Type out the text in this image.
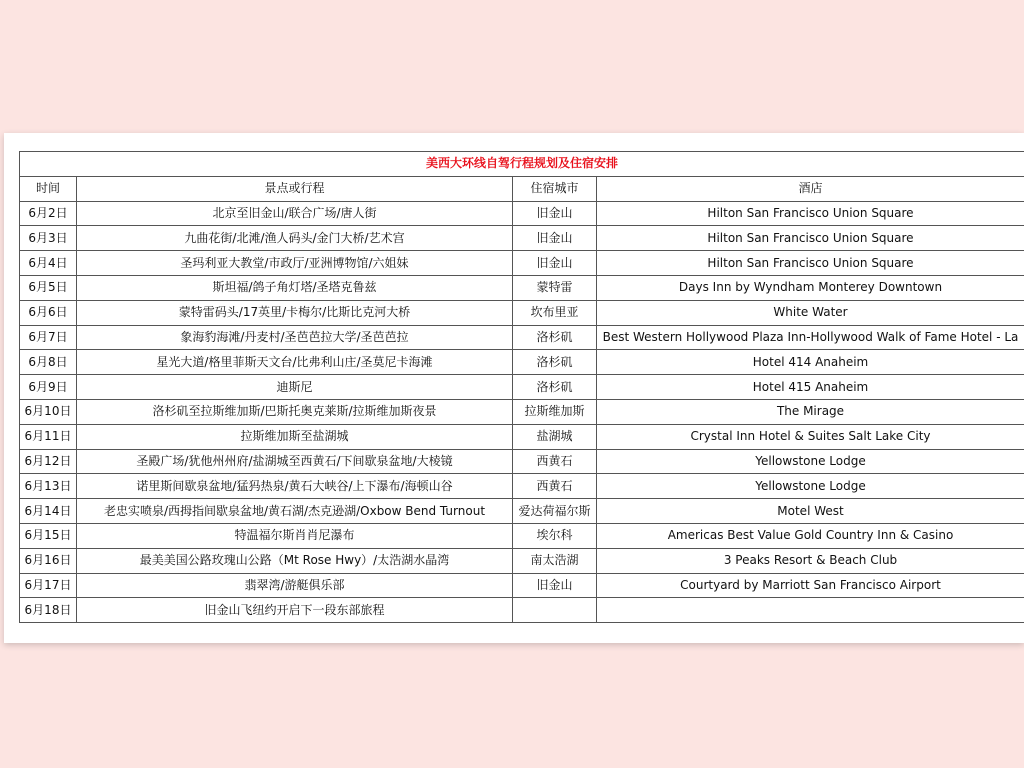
美西大环线自驾行程规划及住宿安排			
时间	景点或行程	住宿城市	酒店
6月2日	北京至旧金山/联合广场/唐人街	旧金山	Hilton San Francisco Union Square
6月3日	九曲花街/北滩/渔人码头/金门大桥/艺术宫	旧金山	Hilton San Francisco Union Square
6月4日	圣玛利亚大教堂/市政厅/亚洲博物馆/六姐妹	旧金山	Hilton San Francisco Union Square
6月5日	斯坦福/鸽子角灯塔/圣塔克鲁兹	蒙特雷	Days Inn by Wyndham Monterey Downtown
6月6日	蒙特雷码头/17英里/卡梅尔/比斯比克河大桥	坎布里亚	White Water
6月7日	象海豹海滩/丹麦村/圣芭芭拉大学/圣芭芭拉	洛杉矶	Best Western Hollywood Plaza Inn-Hollywood Walk of Fame Hotel - La
6月8日	星光大道/格里菲斯天文台/比弗利山庄/圣莫尼卡海滩	洛杉矶	Hotel 414 Anaheim
6月9日	迪斯尼	洛杉矶	Hotel 415 Anaheim
6月10日	洛杉矶至拉斯维加斯/巴斯托奥克莱斯/拉斯维加斯夜景	拉斯维加斯	The Mirage
6月11日	拉斯维加斯至盐湖城	盐湖城	Crystal Inn Hotel & Suites Salt Lake City
6月12日	圣殿广场/犹他州州府/盐湖城至西黄石/下间歇泉盆地/大棱镜	西黄石	Yellowstone Lodge
6月13日	诺里斯间歇泉盆地/猛犸热泉/黄石大峡谷/上下瀑布/海顿山谷	西黄石	Yellowstone Lodge
6月14日	老忠实喷泉/西拇指间歇泉盆地/黄石湖/杰克逊湖/Oxbow Bend Turnout	爱达荷福尔斯	Motel West
6月15日	特温福尔斯肖肖尼瀑布	埃尔科	Americas Best Value Gold Country Inn & Casino
6月16日	最美美国公路玫瑰山公路（Mt Rose Hwy）/太浩湖水晶湾	南太浩湖	3 Peaks Resort & Beach Club
6月17日	翡翠湾/游艇俱乐部	旧金山	Courtyard by Marriott San Francisco Airport
6月18日	旧金山飞纽约开启下一段东部旅程		
